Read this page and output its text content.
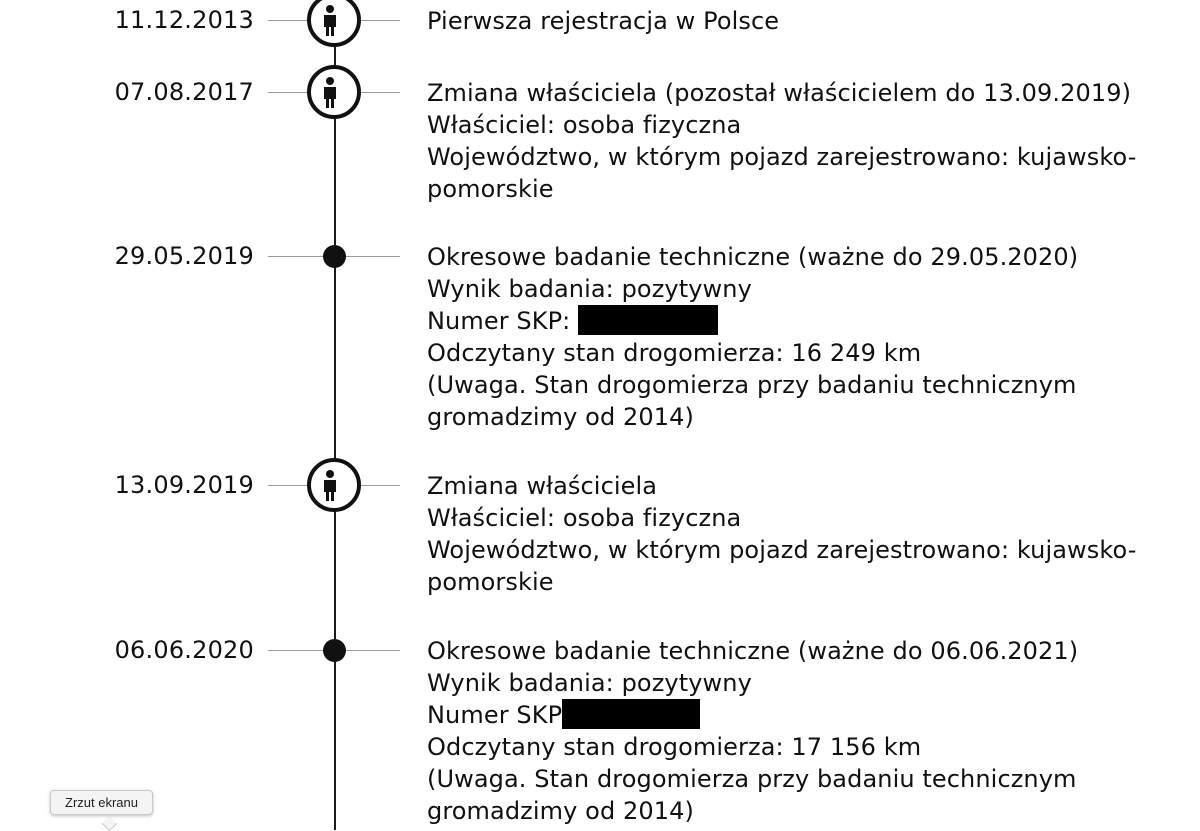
11.12.2013	Pierwsza rejestracja w Polsce
07.08.2017	Zmiana właściciela (pozostał właścicielem do 13.09.2019)
Właściciel: osoba fizyczna
Województwo, w którym pojazd zarejestrowano: kujawsko-
pomorskie
29.05.2019	Okresowe badanie techniczne (ważne do 29.05.2020)
Wynik badania: pozytywny
Numer SKP:
Odczytany stan drogomierza: 16 249 km
(Uwaga. Stan drogomierza przy badaniu technicznym
gromadzimy od 2014)
13.09.2019	Zmiana właściciela
Właściciel: osoba fizyczna
Województwo, w którym pojazd zarejestrowano: kujawsko-
pomorskie
06.06.2020	Okresowe badanie techniczne (ważne do 06.06.2021)
Wynik badania: pozytywny
Numer SKP
Odczytany stan drogomierza: 17 156 km
(Uwaga. Stan drogomierza przy badaniu technicznym
gromadzimy od 2014)
Zrzut ekranu
